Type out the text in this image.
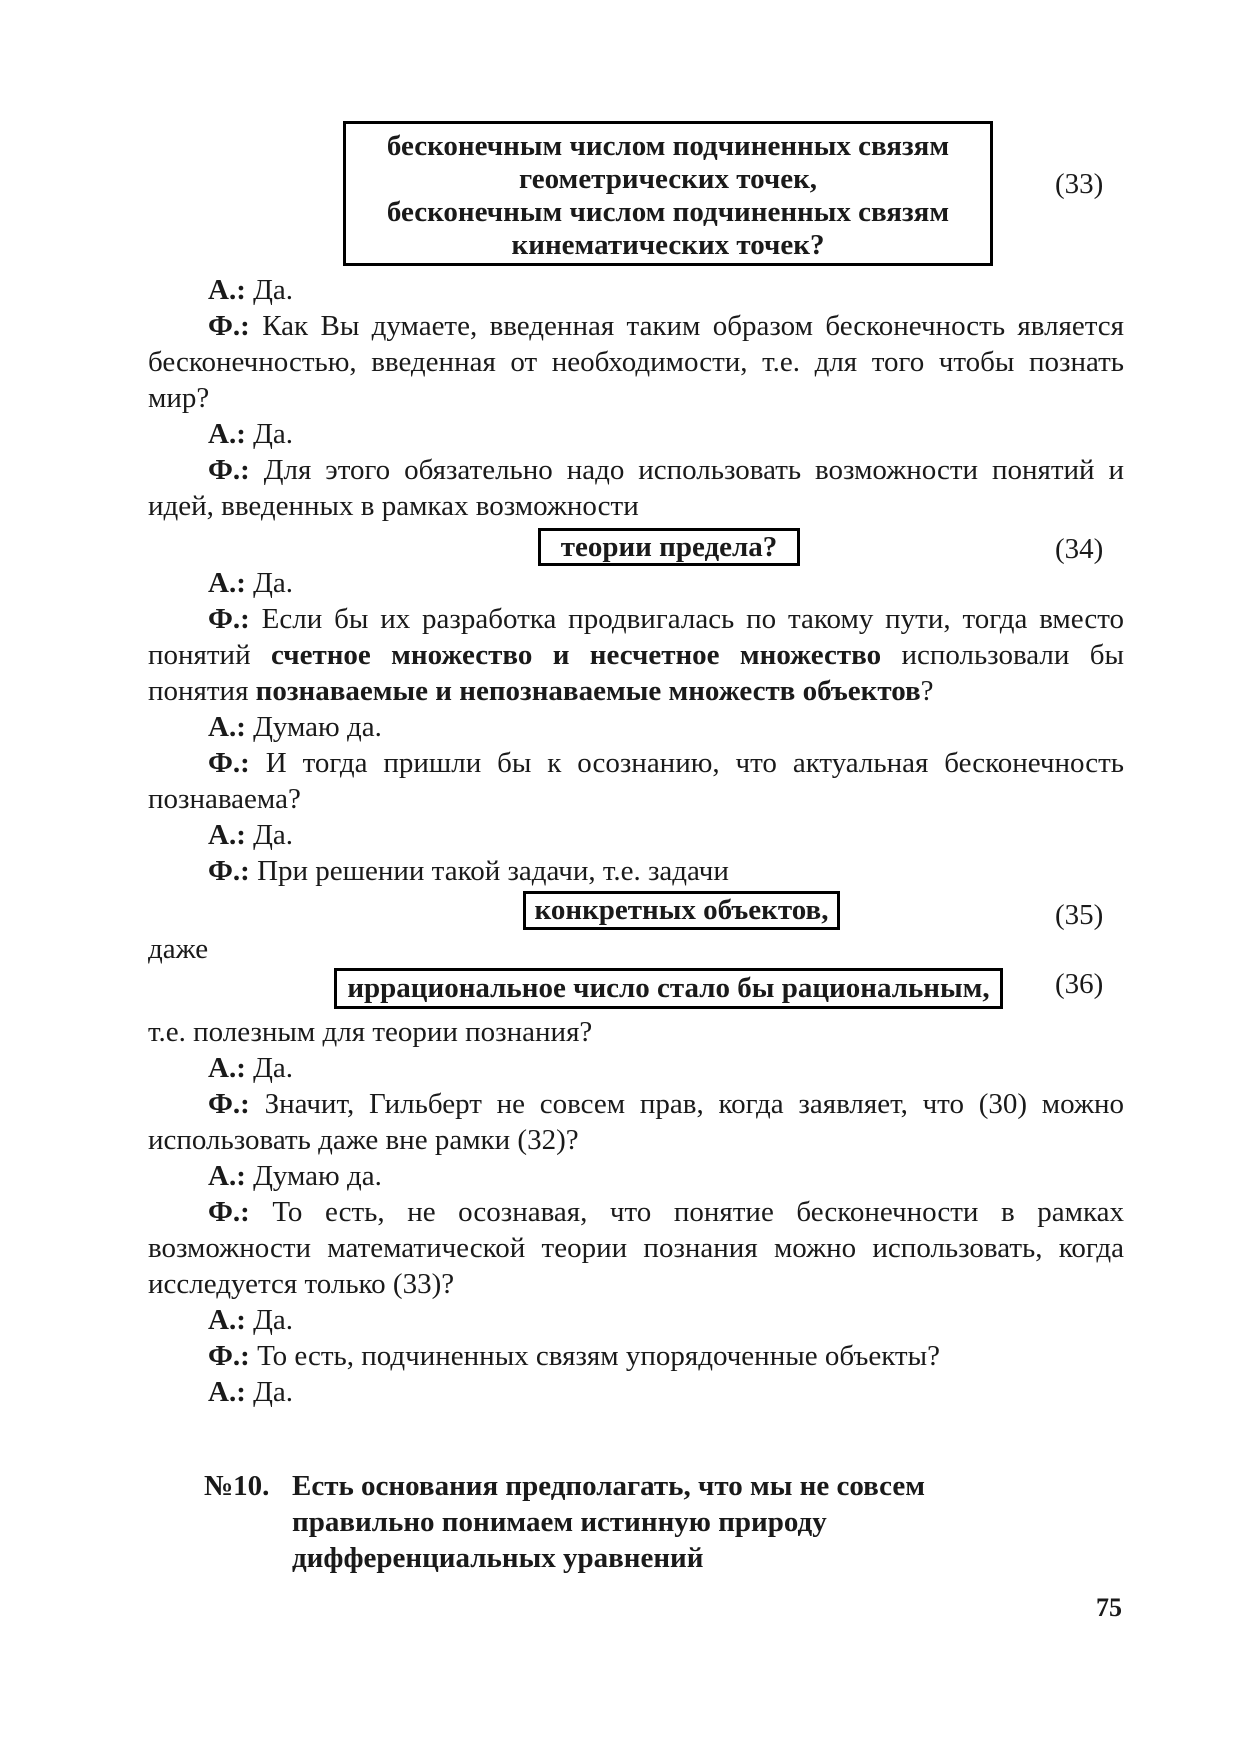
бесконечным числом подчиненных связям
геометрических точек,
бесконечным числом подчиненных связям
кинематических точек?
(33)

А.: Да.

Ф.: Как Вы думаете, введенная таким образом бесконечность является бесконечностью, введенная от необходимости, т.е. для того чтобы познать мир?

А.: Да.

Ф.: Для этого обязательно надо использовать возможности понятий и идей, введенных в рамках возможности

теории предела?	(34)

А.: Да.

Ф.: Если бы их разработка продвигалась по такому пути, тогда вместо понятий счетное множество и несчетное множество использовали бы понятия познаваемые и непознаваемые множеств объектов?

А.: Думаю да.

Ф.: И тогда пришли бы к осознанию, что актуальная бесконечность познаваема?

А.: Да.

Ф.: При решении такой задачи, т.е. задачи

конкретных объектов,	(35)
даже
иррациональное число стало бы рациональным,	(36)
т.е. полезным для теории познания?

А.: Да.

Ф.: Значит, Гильберт не совсем прав, когда заявляет, что (30) можно использовать даже вне рамки (32)?

А.: Думаю да.

Ф.: То есть, не осознавая, что понятие бесконечности в рамках возможности математической теории познания можно использовать, когда исследуется только (33)?

А.: Да.

Ф.: То есть, подчиненных связям упорядоченные объекты?

А.: Да.

№10. Есть основания предполагать, что мы не совсем
правильно понимаем истинную природу
дифференциальных уравнений
75
